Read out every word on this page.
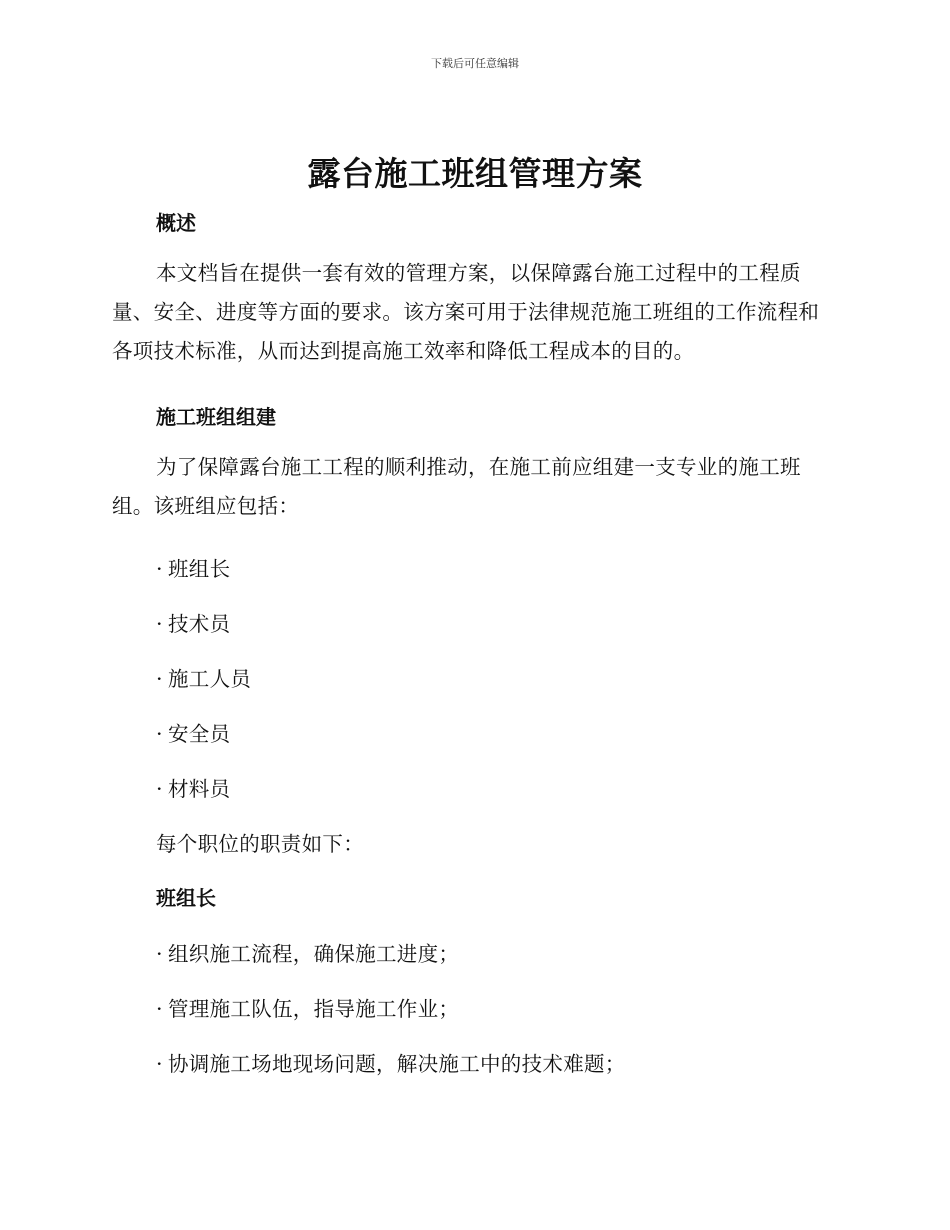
下载后可任意编辑
露台施工班组管理方案
概述

本文档旨在提供一套有效的管理方案，以保障露台施工过程中的工程质量、安全、进度等方面的要求。该方案可用于法律规范施工班组的工作流程和各项技术标准，从而达到提高施工效率和降低工程成本的目的。

施工班组组建

为了保障露台施工工程的顺利推动，在施工前应组建一支专业的施工班组。该班组应包括：

· 班组长
· 技术员
· 施工人员
· 安全员
· 材料员
每个职位的职责如下：
班组长
· 组织施工流程，确保施工进度；
· 管理施工队伍，指导施工作业；
· 协调施工场地现场问题，解决施工中的技术难题；
